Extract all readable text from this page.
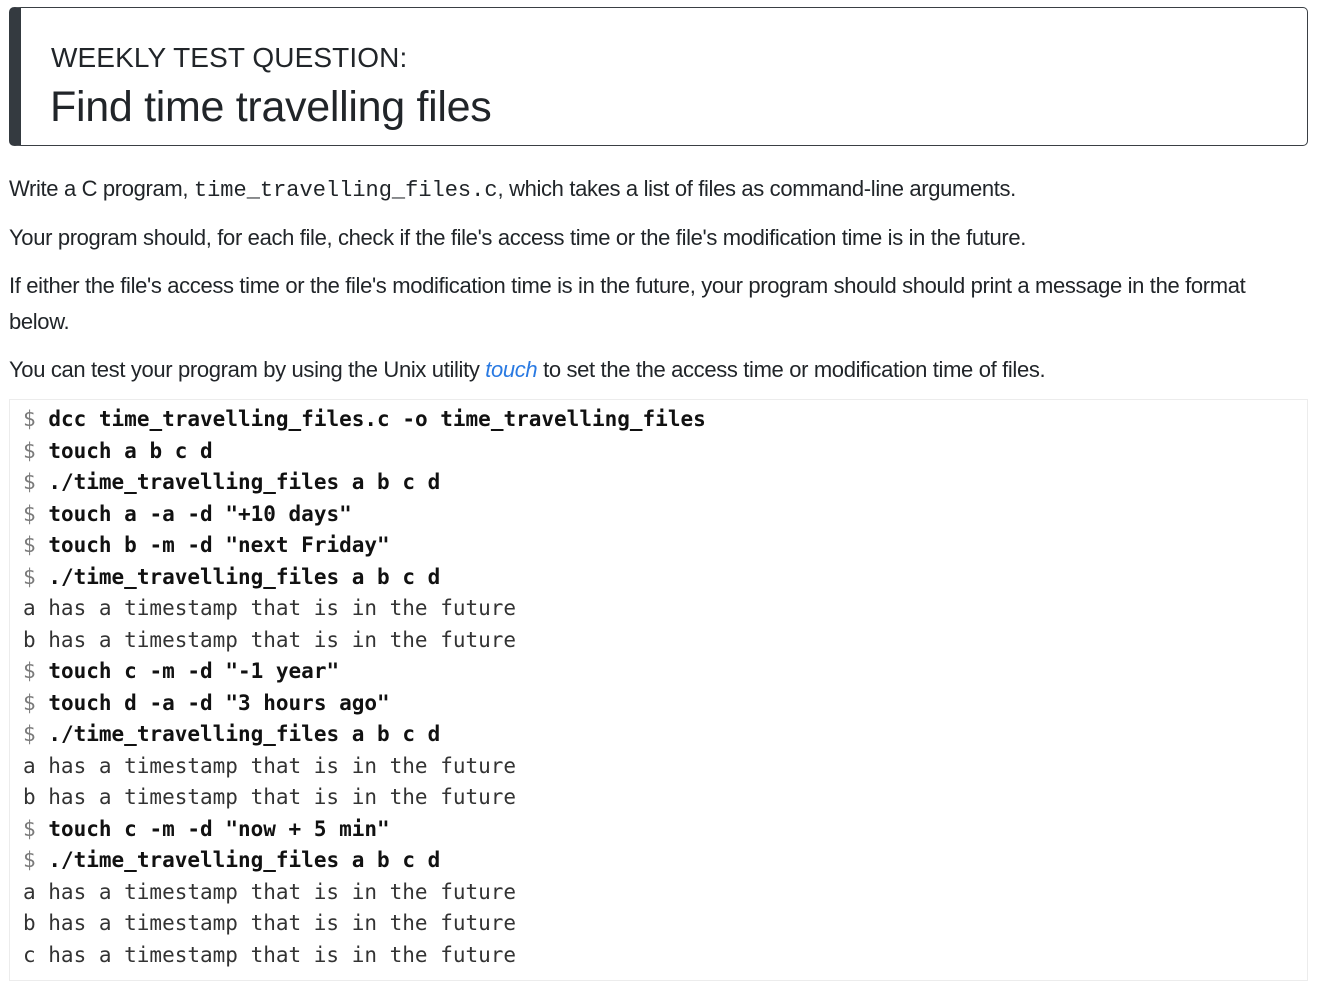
WEEKLY TEST QUESTION:
Find time travelling files

Write a C program, time_travelling_files.c, which takes a list of files as command-line arguments.

Your program should, for each file, check if the file's access time or the file's modification time is in the future.

If either the file's access time or the file's modification time is in the future, your program should should print a message in the format below.

You can test your program by using the Unix utility touch to set the the access time or modification time of files.

$ dcc time_travelling_files.c -o time_travelling_files
$ touch a b c d
$ ./time_travelling_files a b c d
$ touch a -a -d "+10 days"
$ touch b -m -d "next Friday"
$ ./time_travelling_files a b c d
a has a timestamp that is in the future
b has a timestamp that is in the future
$ touch c -m -d "-1 year"
$ touch d -a -d "3 hours ago"
$ ./time_travelling_files a b c d
a has a timestamp that is in the future
b has a timestamp that is in the future
$ touch c -m -d "now + 5 min"
$ ./time_travelling_files a b c d
a has a timestamp that is in the future
b has a timestamp that is in the future
c has a timestamp that is in the future
